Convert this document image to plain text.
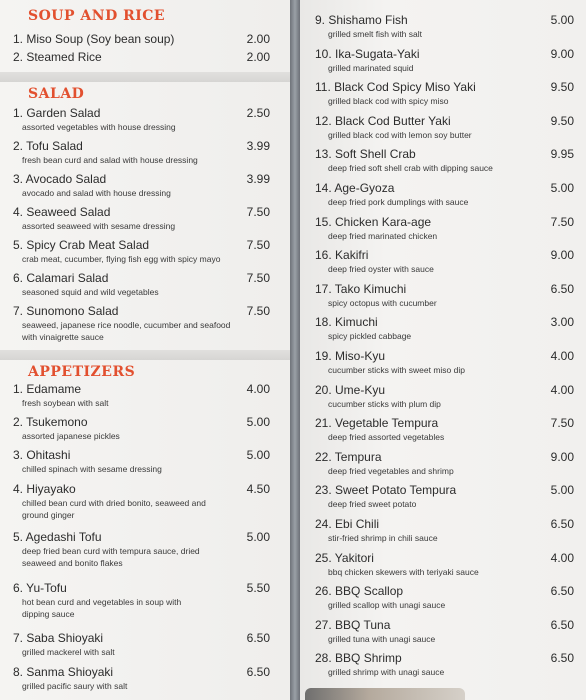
SOUP AND RICE
1. Miso Soup (Soy bean soup)	2.00
2. Steamed Rice	2.00
SALAD
1. Garden Salad	2.50
assorted vegetables with house dressing
2. Tofu Salad	3.99
fresh bean curd and salad with house dressing
3. Avocado Salad	3.99
avocado and salad with house dressing
4. Seaweed Salad	7.50
assorted seaweed with sesame dressing
5. Spicy Crab Meat Salad	7.50
crab meat, cucumber, flying fish egg with spicy mayo
6. Calamari Salad	7.50
seasoned squid and wild vegetables
7. Sunomono Salad	7.50
seaweed, japanese rice noodle, cucumber and seafood
with vinaigrette sauce
APPETIZERS
1. Edamame	4.00
fresh soybean with salt
2. Tsukemono	5.00
assorted japanese pickles
3. Ohitashi	5.00
chilled spinach with sesame dressing
4. Hiyayako	4.50
chilled bean curd with dried bonito, seaweed and
ground ginger
5. Agedashi Tofu	5.00
deep fried bean curd with tempura sauce, dried
seaweed and bonito flakes
6. Yu-Tofu	5.50
hot bean curd and vegetables in soup with
dipping sauce
7. Saba Shioyaki	6.50
grilled mackerel with salt
8. Sanma Shioyaki	6.50
grilled pacific saury with salt
9. Shishamo Fish	5.00
grilled smelt fish with salt
10. Ika-Sugata-Yaki	9.00
grilled marinated squid
11. Black Cod Spicy Miso Yaki	9.50
grilled black cod with spicy miso
12. Black Cod Butter Yaki	9.50
grilled black cod with lemon soy butter
13. Soft Shell Crab	9.95
deep fried soft shell crab with dipping sauce
14. Age-Gyoza	5.00
deep fried pork dumplings with sauce
15. Chicken Kara-age	7.50
deep fried marinated chicken
16. Kakifri	9.00
deep fried oyster with sauce
17. Tako Kimuchi	6.50
spicy octopus with cucumber
18. Kimuchi	3.00
spicy pickled cabbage
19. Miso-Kyu	4.00
cucumber sticks with sweet miso dip
20. Ume-Kyu	4.00
cucumber sticks with plum dip
21. Vegetable Tempura	7.50
deep fried assorted vegetables
22. Tempura	9.00
deep fried vegetables and shrimp
23. Sweet Potato Tempura	5.00
deep fried sweet potato
24. Ebi Chili	6.50
stir-fried shrimp in chili sauce
25. Yakitori	4.00
bbq chicken skewers with teriyaki sauce
26. BBQ Scallop	6.50
grilled scallop with unagi sauce
27. BBQ Tuna	6.50
grilled tuna with unagi sauce
28. BBQ Shrimp	6.50
grilled shrimp with unagi sauce
